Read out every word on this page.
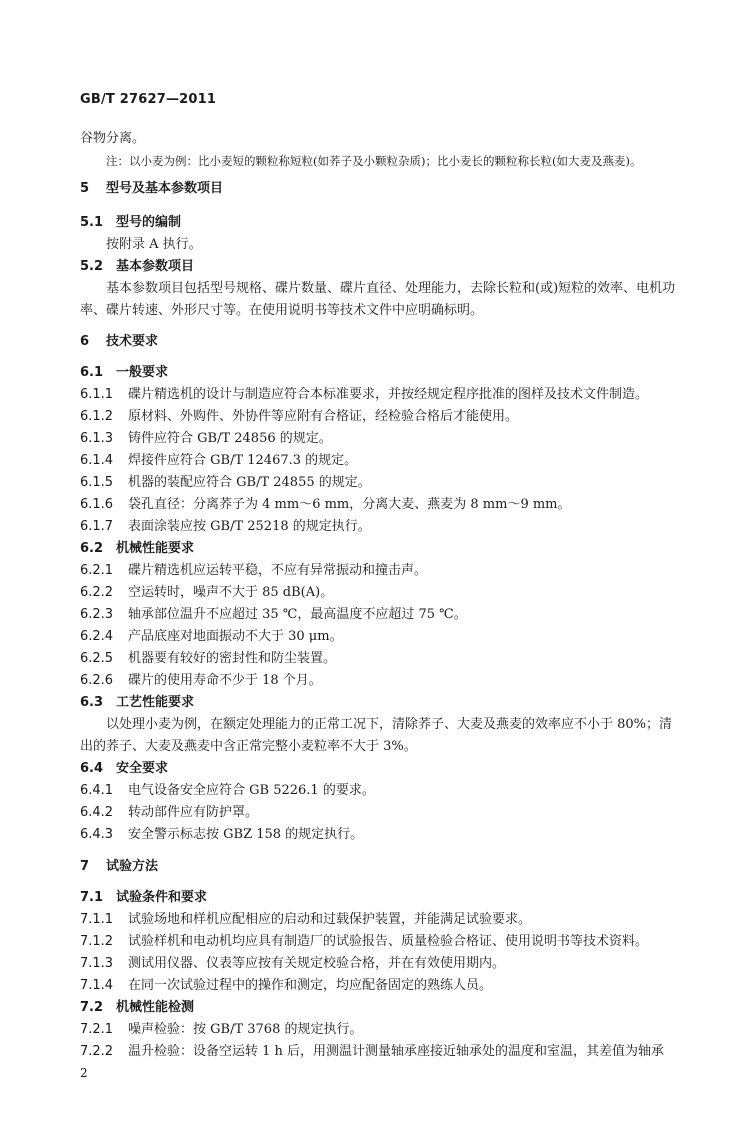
GB/T 27627—2011
谷物分离。
注：以小麦为例：比小麦短的颗粒称短粒(如荞子及小颗粒杂质)；比小麦长的颗粒称长粒(如大麦及燕麦)。
5 型号及基本参数项目
5.1 型号的编制
按附录 A 执行。
5.2 基本参数项目
基本参数项目包括型号规格、碟片数量、碟片直径、处理能力，去除长粒和(或)短粒的效率、电机功
率、碟片转速、外形尺寸等。在使用说明书等技术文件中应明确标明。
6 技术要求
6.1 一般要求
6.1.1 碟片精选机的设计与制造应符合本标准要求，并按经规定程序批准的图样及技术文件制造。
6.1.2 原材料、外购件、外协件等应附有合格证，经检验合格后才能使用。
6.1.3 铸件应符合 GB/T 24856 的规定。
6.1.4 焊接件应符合 GB/T 12467.3 的规定。
6.1.5 机器的装配应符合 GB/T 24855 的规定。
6.1.6 袋孔直径：分离荞子为 4 mm～6 mm，分离大麦、燕麦为 8 mm～9 mm。
6.1.7 表面涂装应按 GB/T 25218 的规定执行。
6.2 机械性能要求
6.2.1 碟片精选机应运转平稳，不应有异常振动和撞击声。
6.2.2 空运转时，噪声不大于 85 dB(A)。
6.2.3 轴承部位温升不应超过 35 ℃，最高温度不应超过 75 ℃。
6.2.4 产品底座对地面振动不大于 30 μm。
6.2.5 机器要有较好的密封性和防尘装置。
6.2.6 碟片的使用寿命不少于 18 个月。
6.3 工艺性能要求
以处理小麦为例，在额定处理能力的正常工况下，清除荞子、大麦及燕麦的效率应不小于 80%；清
出的荞子、大麦及燕麦中含正常完整小麦粒率不大于 3%。
6.4 安全要求
6.4.1 电气设备安全应符合 GB 5226.1 的要求。
6.4.2 转动部件应有防护罩。
6.4.3 安全警示标志按 GBZ 158 的规定执行。
7 试验方法
7.1 试验条件和要求
7.1.1 试验场地和样机应配相应的启动和过载保护装置，并能满足试验要求。
7.1.2 试验样机和电动机均应具有制造厂的试验报告、质量检验合格证、使用说明书等技术资料。
7.1.3 测试用仪器、仪表等应按有关规定校验合格，并在有效使用期内。
7.1.4 在同一次试验过程中的操作和测定，均应配备固定的熟练人员。
7.2 机械性能检测
7.2.1 噪声检验：按 GB/T 3768 的规定执行。
7.2.2 温升检验：设备空运转 1 h 后，用测温计测量轴承座接近轴承处的温度和室温，其差值为轴承
2
